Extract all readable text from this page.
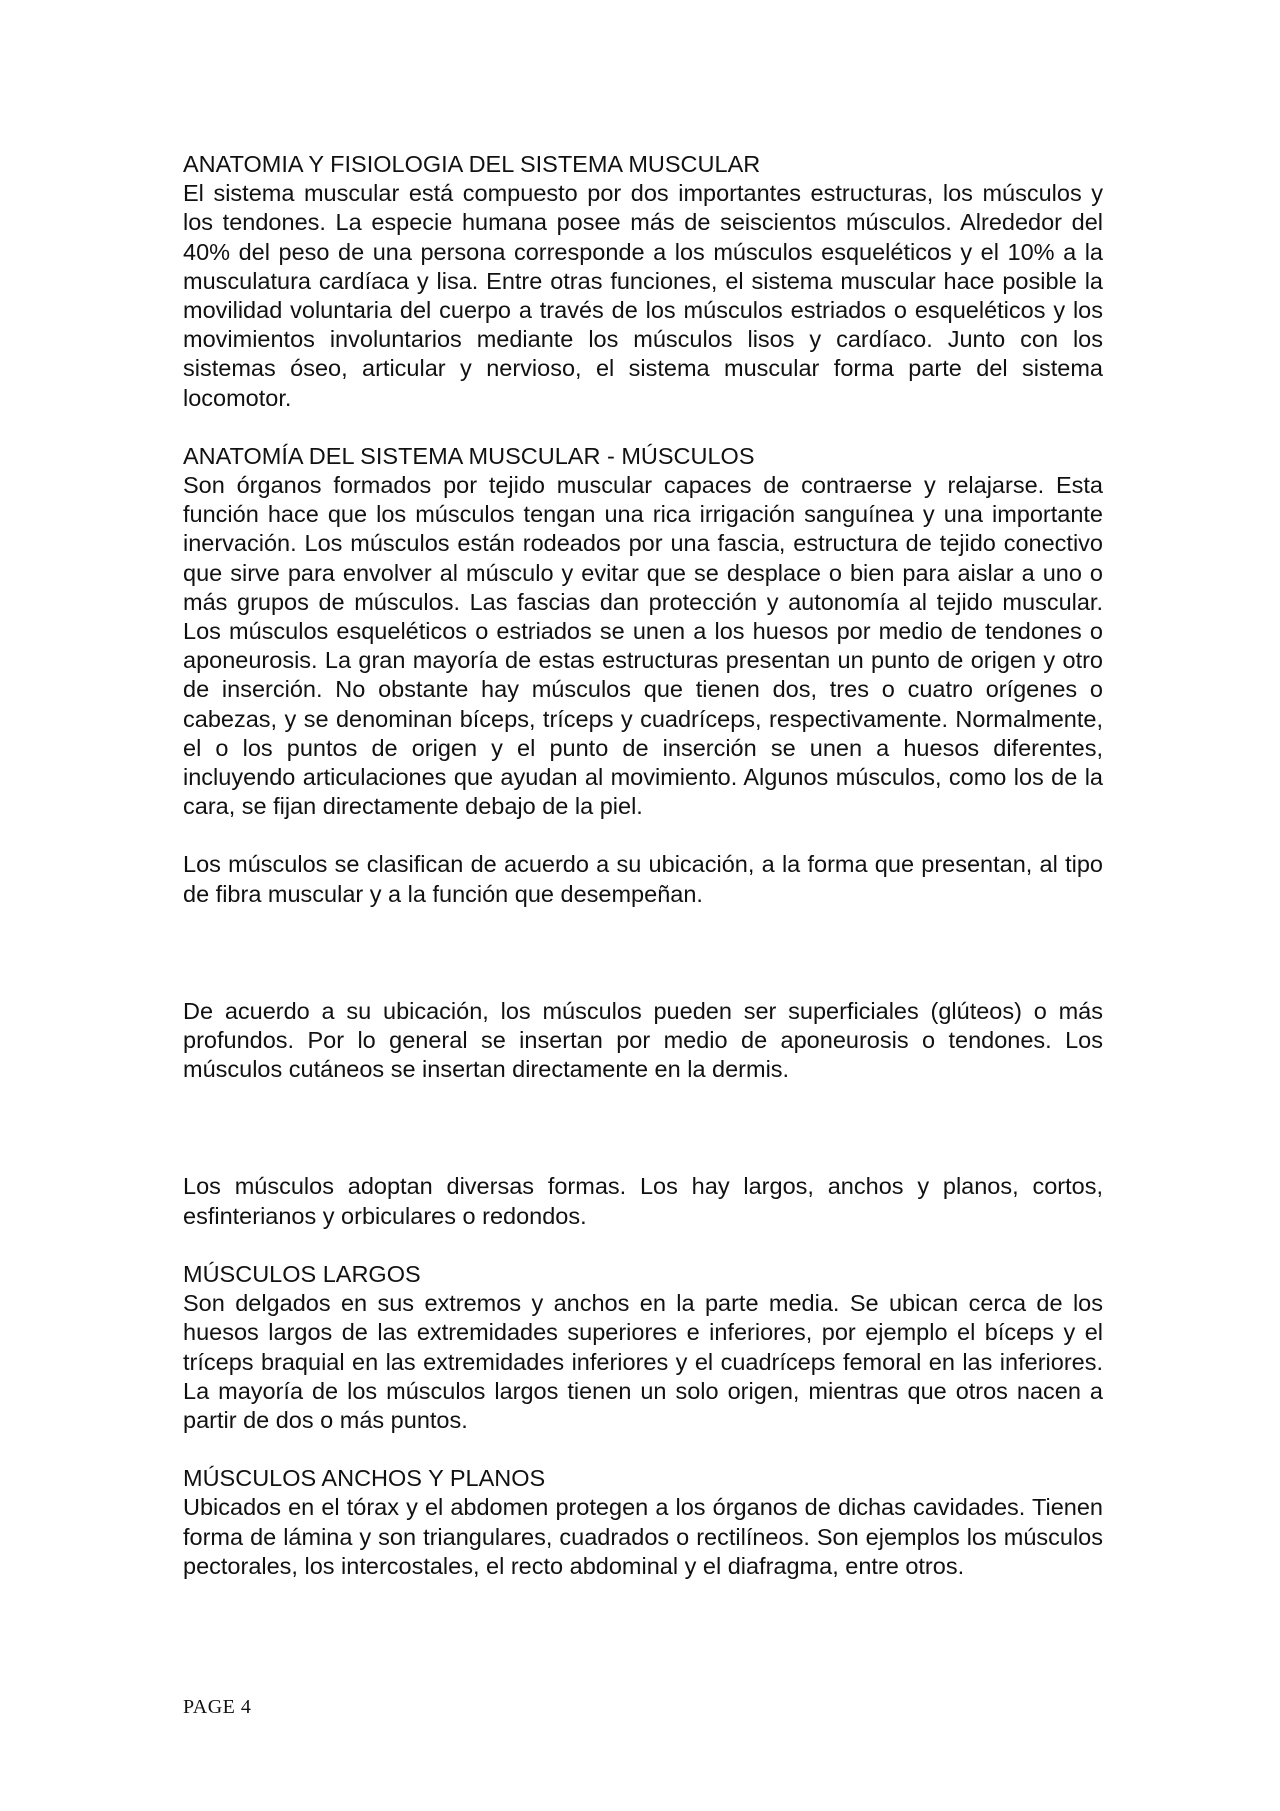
ANATOMIA Y FISIOLOGIA DEL SISTEMA MUSCULAR

El sistema muscular está compuesto por dos importantes estructuras, los músculos y los tendones. La especie humana posee más de seiscientos músculos. Alrededor del 40% del peso de una persona corresponde a los músculos esqueléticos y el 10% a la musculatura cardíaca y lisa. Entre otras funciones, el sistema muscular hace posible la movilidad voluntaria del cuerpo a través de los músculos estriados o esqueléticos y los movimientos involuntarios mediante los músculos lisos y cardíaco. Junto con los sistemas óseo, articular y nervioso, el sistema muscular forma parte del sistema locomotor.

ANATOMÍA DEL SISTEMA MUSCULAR - MÚSCULOS

Son órganos formados por tejido muscular capaces de contraerse y relajarse. Esta función hace que los músculos tengan una rica irrigación sanguínea y una importante inervación. Los músculos están rodeados por una fascia, estructura de tejido conectivo que sirve para envolver al músculo y evitar que se desplace o bien para aislar a uno o más grupos de músculos. Las fascias dan protección y autonomía al tejido muscular. Los músculos esqueléticos o estriados se unen a los huesos por medio de tendones o aponeurosis. La gran mayoría de estas estructuras presentan un punto de origen y otro de inserción. No obstante hay músculos que tienen dos, tres o cuatro orígenes o cabezas, y se denominan bíceps, tríceps y cuadríceps, respectivamente. Normalmente, el o los puntos de origen y el punto de inserción se unen a huesos diferentes, incluyendo articulaciones que ayudan al movimiento. Algunos músculos, como los de la cara, se fijan directamente debajo de la piel.

Los músculos se clasifican de acuerdo a su ubicación, a la forma que presentan, al tipo de fibra muscular y a la función que desempeñan.

De acuerdo a su ubicación, los músculos pueden ser superficiales (glúteos) o más profundos. Por lo general se insertan por medio de aponeurosis o tendones. Los músculos cutáneos se insertan directamente en la dermis.

Los músculos adoptan diversas formas. Los hay largos, anchos y planos, cortos, esfinterianos y orbiculares o redondos.

MÚSCULOS LARGOS

Son delgados en sus extremos y anchos en la parte media. Se ubican cerca de los huesos largos de las extremidades superiores e inferiores, por ejemplo el bíceps y el tríceps braquial en las extremidades inferiores y el cuadríceps femoral en las inferiores. La mayoría de los músculos largos tienen un solo origen, mientras que otros nacen a partir de dos o más puntos.

MÚSCULOS ANCHOS Y PLANOS

Ubicados en el tórax y el abdomen protegen a los órganos de dichas cavidades. Tienen forma de lámina y son triangulares, cuadrados o rectilíneos. Son ejemplos los músculos pectorales, los intercostales, el recto abdominal y el diafragma, entre otros.

PAGE 4
